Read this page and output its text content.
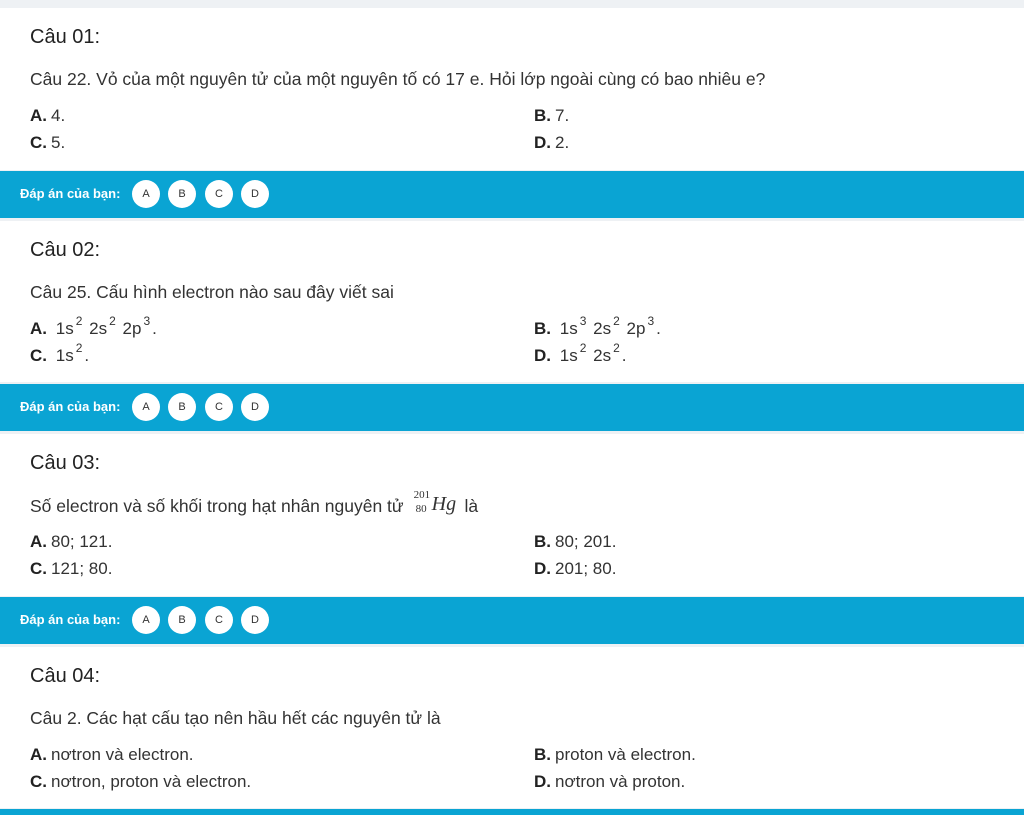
Câu 01:
Câu 22. Vỏ của một nguyên tử của một nguyên tố có 17 e. Hỏi lớp ngoài cùng có bao nhiêu e?
A. 4.	B. 7.
C. 5.	D. 2.
Đáp án của bạn:	A	B	C	D
Câu 02:
Câu 25. Cấu hình electron nào sau đây viết sai
A. 1s $^2$ 2s $^2$ 2p $^3$ .	B. 1s $^3$ 2s $^2$ 2p $^3$ .
C. 1s $^2$ .	D. 1s $^2$ 2s $^2$ .
Đáp án của bạn:	A	B	C	D
Câu 03:
Số electron và số khối trong hạt nhân nguyên tử
201
80 Hg là
A. 80; 121.	B. 80; 201.
C. 121; 80.	D. 201; 80.
Đáp án của bạn:	A	B	C	D
Câu 04:
Câu 2. Các hạt cấu tạo nên hầu hết các nguyên tử là
A. nơtron và electron.	B. proton và electron.
C. nơtron, proton và electron.	D. nơtron và proton.
